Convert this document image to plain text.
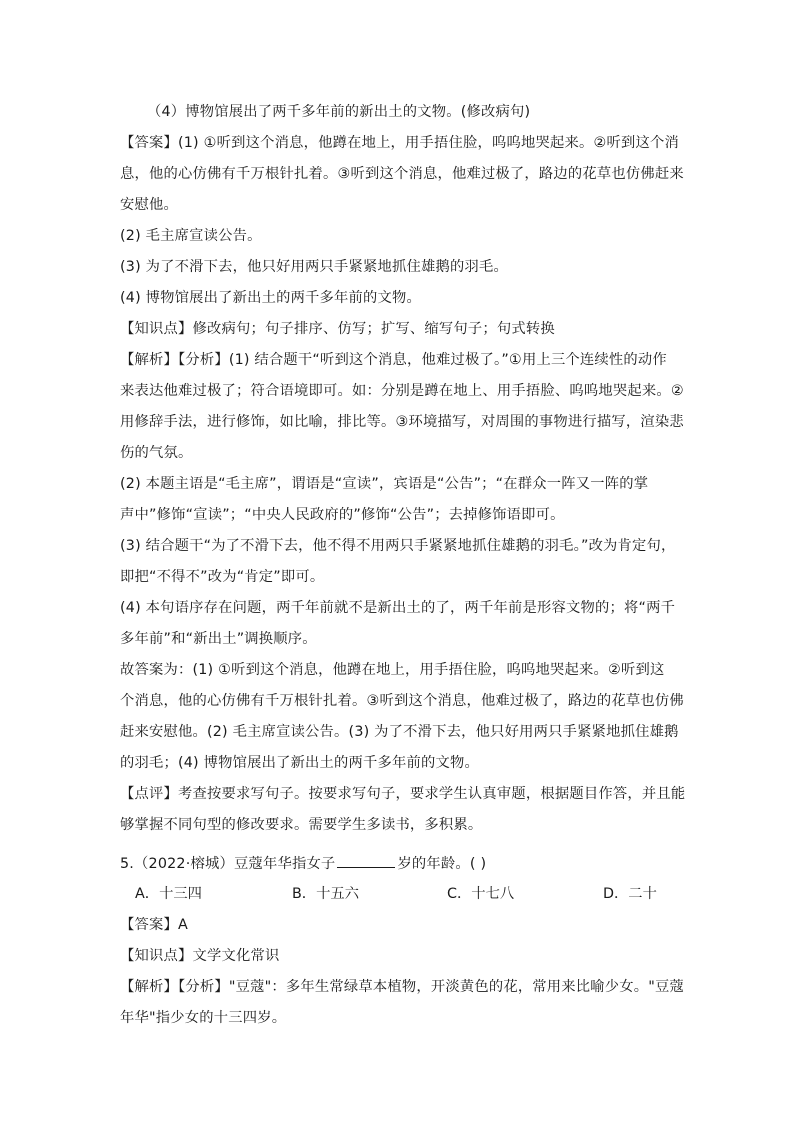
（4）博物馆展出了两千多年前的新出土的文物。(修改病句)
【答案】(1) ①听到这个消息，他蹲在地上，用手捂住脸，呜呜地哭起来。②听到这个消
息，他的心仿佛有千万根针扎着。③听到这个消息，他难过极了，路边的花草也仿佛赶来
安慰他。
(2) 毛主席宣读公告。
(3) 为了不滑下去，他只好用两只手紧紧地抓住雄鹅的羽毛。
(4) 博物馆展出了新出土的两千多年前的文物。
【知识点】修改病句；句子排序、仿写；扩写、缩写句子；句式转换
【解析】【分析】(1) 结合题干“听到这个消息，他难过极了。”①用上三个连续性的动作
来表达他难过极了；符合语境即可。如：分别是蹲在地上、用手捂脸、呜呜地哭起来。②
用修辞手法，进行修饰，如比喻，排比等。③环境描写，对周围的事物进行描写，渲染悲
伤的气氛。
(2) 本题主语是“毛主席”，谓语是“宣读”，宾语是“公告”；“在群众一阵又一阵的掌
声中”修饰“宣读”；“中央人民政府的”修饰“公告”；去掉修饰语即可。
(3) 结合题干“为了不滑下去，他不得不用两只手紧紧地抓住雄鹅的羽毛。”改为肯定句，
即把“不得不”改为“肯定”即可。
(4) 本句语序存在问题，两千年前就不是新出土的了，两千年前是形容文物的；将“两千
多年前”和“新出土”调换顺序。
故答案为：(1) ①听到这个消息，他蹲在地上，用手捂住脸，呜呜地哭起来。②听到这
个消息，他的心仿佛有千万根针扎着。③听到这个消息，他难过极了，路边的花草也仿佛
赶来安慰他。(2) 毛主席宣读公告。(3) 为了不滑下去，他只好用两只手紧紧地抓住雄鹅
的羽毛；(4) 博物馆展出了新出土的两千多年前的文物。
【点评】考查按要求写句子。按要求写句子，要求学生认真审题，根据题目作答，并且能
够掌握不同句型的修改要求。需要学生多读书，多积累。
5.（2022·榕城）豆蔻年华指女子	岁的年龄。( )
A．十三四	B．十五六	C．十七八	D．二十
【答案】A
【知识点】文学文化常识
【解析】【分析】"豆蔻"：多年生常绿草本植物，开淡黄色的花，常用来比喻少女。"豆蔻
年华"指少女的十三四岁。
